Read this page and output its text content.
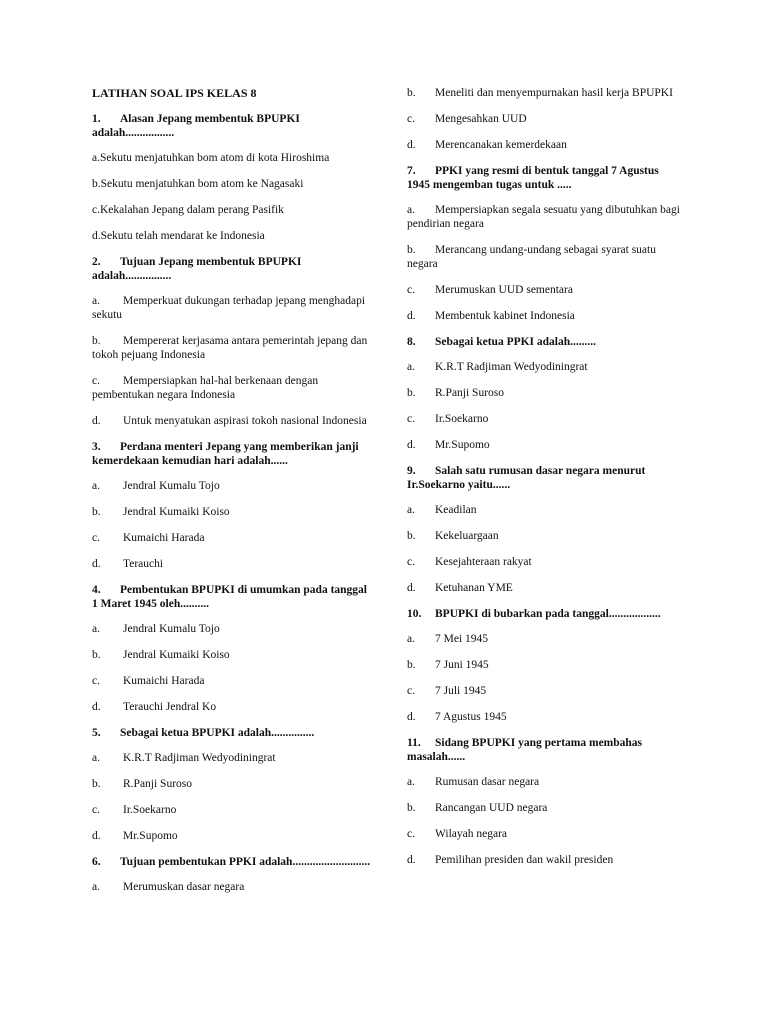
LATIHAN SOAL IPS KELAS 8
1. Alasan Jepang membentuk BPUPKI adalah.................
a.Sekutu menjatuhkan bom atom di kota Hiroshima
b.Sekutu menjatuhkan bom atom ke Nagasaki
c.Kekalahan Jepang dalam perang Pasifik
d.Sekutu telah mendarat ke Indonesia
2. Tujuan Jepang membentuk BPUPKI adalah................
a. Memperkuat dukungan terhadap jepang menghadapi sekutu
b. Mempererat kerjasama antara pemerintah jepang dan tokoh pejuang Indonesia
c. Mempersiapkan hal-hal berkenaan dengan pembentukan negara Indonesia
d. Untuk menyatukan aspirasi tokoh nasional Indonesia
3. Perdana menteri Jepang yang memberikan janji kemerdekaan kemudian hari adalah......
a. Jendral Kumalu Tojo
b. Jendral Kumaiki Koiso
c. Kumaichi Harada
d. Terauchi
4. Pembentukan BPUPKI di umumkan pada tanggal 1 Maret 1945 oleh..........
a. Jendral Kumalu Tojo
b. Jendral Kumaiki Koiso
c. Kumaichi Harada
d. Terauchi Jendral Ko
5. Sebagai ketua BPUPKI adalah...............
a. K.R.T Radjiman Wedyodiningrat
b. R.Panji Suroso
c. Ir.Soekarno
d. Mr.Supomo
6. Tujuan pembentukan PPKI adalah...........................
a. Merumuskan dasar negara
b. Meneliti dan menyempurnakan hasil kerja BPUPKI
c. Mengesahkan UUD
d. Merencanakan kemerdekaan
7. PPKI yang resmi di bentuk tanggal 7 Agustus 1945 mengemban tugas untuk .....
a. Mempersiapkan segala sesuatu yang dibutuhkan bagi pendirian negara
b. Merancang undang-undang sebagai syarat suatu negara
c. Merumuskan UUD sementara
d. Membentuk kabinet Indonesia
8. Sebagai ketua PPKI adalah.........
a. K.R.T Radjiman Wedyodiningrat
b. R.Panji Suroso
c. Ir.Soekarno
d. Mr.Supomo
9. Salah satu rumusan dasar negara menurut Ir.Soekarno yaitu......
a. Keadilan
b. Kekeluargaan
c. Kesejahteraan rakyat
d. Ketuhanan YME
10. BPUPKI di bubarkan pada tanggal..................
a. 7 Mei 1945
b. 7 Juni 1945
c. 7 Juli 1945
d. 7 Agustus 1945
11. Sidang BPUPKI yang pertama membahas masalah......
a. Rumusan dasar negara
b. Rancangan UUD negara
c. Wilayah negara
d. Pemilihan presiden dan wakil presiden
